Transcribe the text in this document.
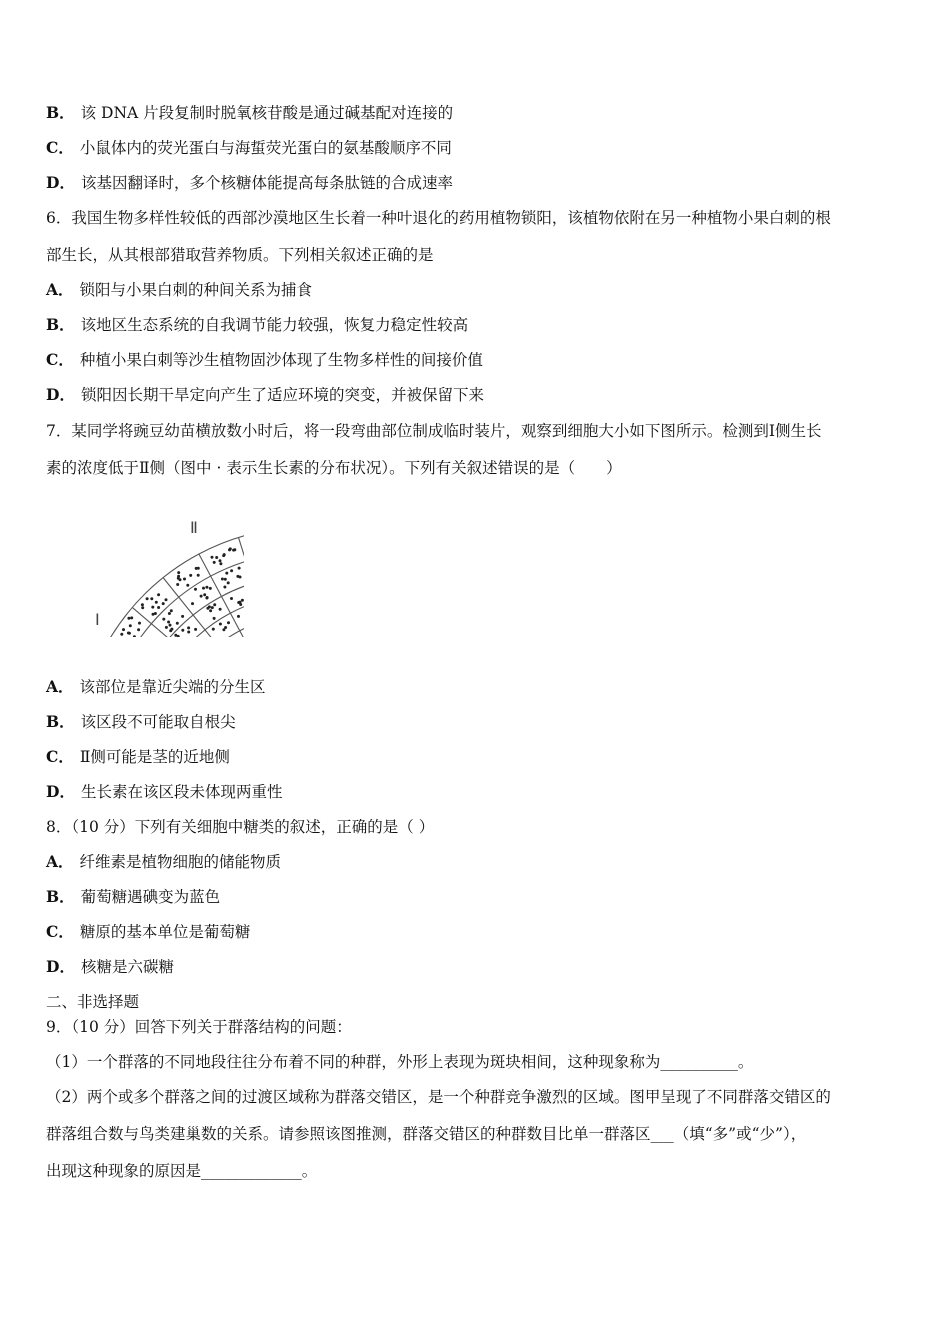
B． 该 DNA 片段复制时脱氧核苷酸是通过碱基配对连接的
C． 小鼠体内的荧光蛋白与海蜇荧光蛋白的氨基酸顺序不同
D． 该基因翻译时，多个核糖体能提高每条肽链的合成速率
6．我国生物多样性较低的西部沙漠地区生长着一种叶退化的药用植物锁阳，该植物依附在另一种植物小果白刺的根
部生长，从其根部猎取营养物质。下列相关叙述正确的是
A． 锁阳与小果白刺的种间关系为捕食
B． 该地区生态系统的自我调节能力较强，恢复力稳定性较高
C． 种植小果白刺等沙生植物固沙体现了生物多样性的间接价值
D． 锁阳因长期干旱定向产生了适应环境的突变，并被保留下来
7．某同学将豌豆幼苗横放数小时后，将一段弯曲部位制成临时装片，观察到细胞大小如下图所示。检测到Ⅰ侧生长
素的浓度低于Ⅱ侧（图中 · 表示生长素的分布状况）。下列有关叙述错误的是（　　）
Ⅱ
Ⅰ
A． 该部位是靠近尖端的分生区
B． 该区段不可能取自根尖
C． Ⅱ侧可能是茎的近地侧
D． 生长素在该区段未体现两重性
8．（10 分）下列有关细胞中糖类的叙述，正确的是（ ）
A． 纤维素是植物细胞的储能物质
B． 葡萄糖遇碘变为蓝色
C． 糖原的基本单位是葡萄糖
D． 核糖是六碳糖
二、非选择题
9．（10 分）回答下列关于群落结构的问题：
（1）一个群落的不同地段往往分布着不同的种群，外形上表现为斑块相间，这种现象称为__________。
（2）两个或多个群落之间的过渡区域称为群落交错区，是一个种群竞争激烈的区域。图甲呈现了不同群落交错区的
群落组合数与鸟类建巢数的关系。请参照该图推测，群落交错区的种群数目比单一群落区___（填“多”或“少”），
出现这种现象的原因是_____________。
